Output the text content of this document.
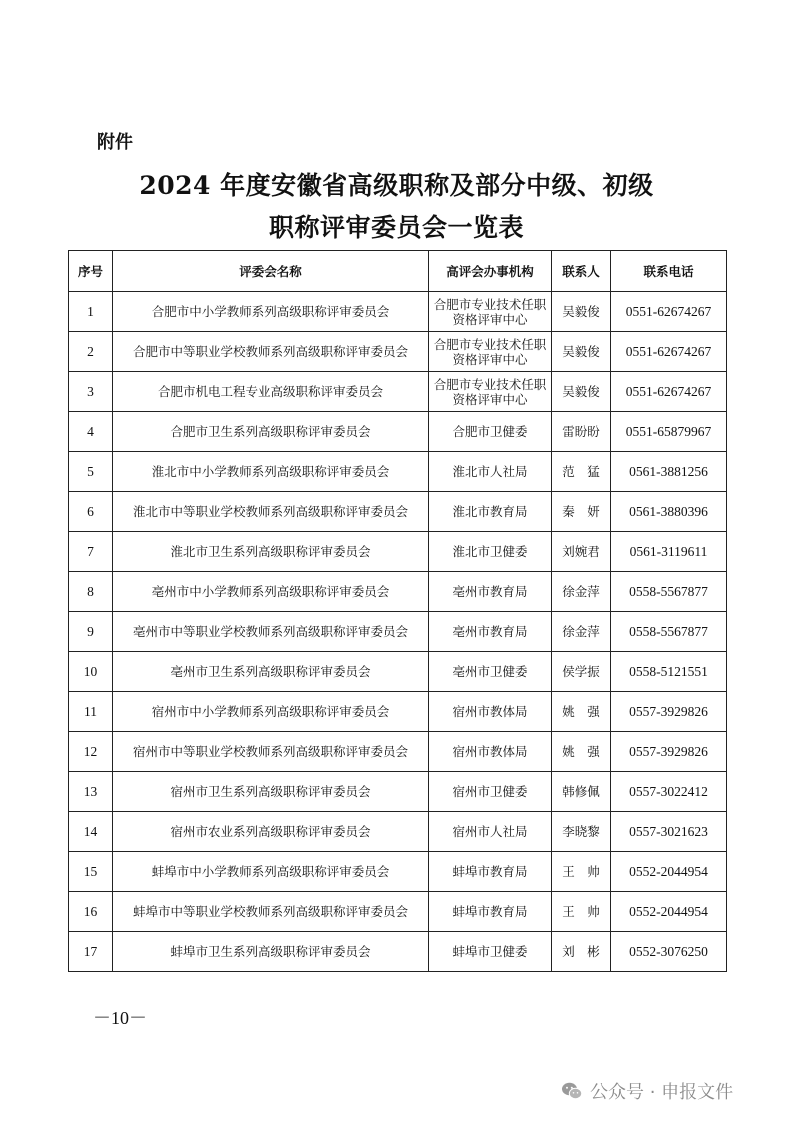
附件
2024 年度安徽省高级职称及部分中级、初级
职称评审委员会一览表
序号	评委会名称	高评会办事机构	联系人	联系电话
1	合肥市中小学教师系列高级职称评审委员会	合肥市专业技术任职资格评审中心	吴毅俊	0551-62674267
2	合肥市中等职业学校教师系列高级职称评审委员会	合肥市专业技术任职资格评审中心	吴毅俊	0551-62674267
3	合肥市机电工程专业高级职称评审委员会	合肥市专业技术任职资格评审中心	吴毅俊	0551-62674267
4	合肥市卫生系列高级职称评审委员会	合肥市卫健委	雷盼盼	0551-65879967
5	淮北市中小学教师系列高级职称评审委员会	淮北市人社局	范　猛	0561-3881256
6	淮北市中等职业学校教师系列高级职称评审委员会	淮北市教育局	秦　妍	0561-3880396
7	淮北市卫生系列高级职称评审委员会	淮北市卫健委	刘婉君	0561-3119611
8	亳州市中小学教师系列高级职称评审委员会	亳州市教育局	徐金萍	0558-5567877
9	亳州市中等职业学校教师系列高级职称评审委员会	亳州市教育局	徐金萍	0558-5567877
10	亳州市卫生系列高级职称评审委员会	亳州市卫健委	侯学振	0558-5121551
11	宿州市中小学教师系列高级职称评审委员会	宿州市教体局	姚　强	0557-3929826
12	宿州市中等职业学校教师系列高级职称评审委员会	宿州市教体局	姚　强	0557-3929826
13	宿州市卫生系列高级职称评审委员会	宿州市卫健委	韩修佩	0557-3022412
14	宿州市农业系列高级职称评审委员会	宿州市人社局	李晓黎	0557-3021623
15	蚌埠市中小学教师系列高级职称评审委员会	蚌埠市教育局	王　帅	0552-2044954
16	蚌埠市中等职业学校教师系列高级职称评审委员会	蚌埠市教育局	王　帅	0552-2044954
17	蚌埠市卫生系列高级职称评审委员会	蚌埠市卫健委	刘　彬	0552-3076250
－10－
公众号 · 申报文件
